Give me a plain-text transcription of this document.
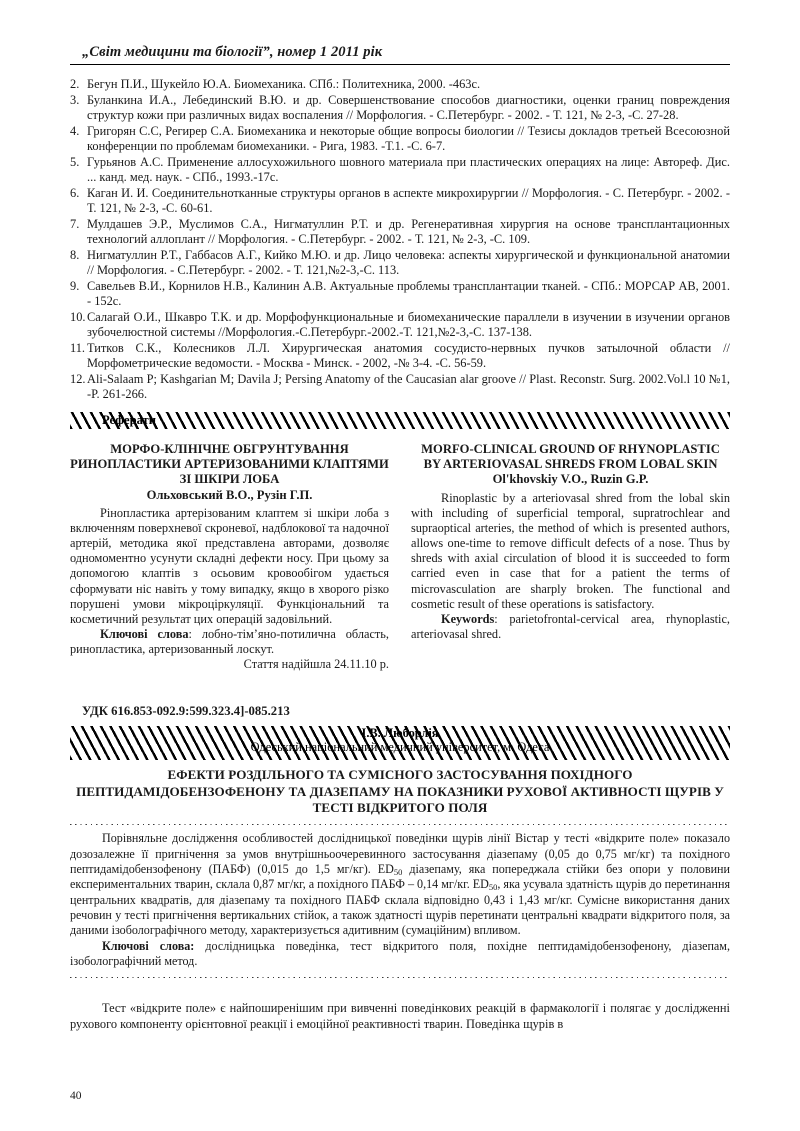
„Світ медицини та біології”, номер 1 2011 рік
2. Бегун П.И., Шукейло Ю.А. Биомеханика. СПб.: Политехника, 2000. -463с.
3. Буланкина И.А., Лебединский В.Ю. и др. Совершенствование способов диагностики, оценки границ повреждения структур кожи при различных видах воспаления // Морфология. - С.Петербург. - 2002. - Т. 121, № 2-3, -С. 27-28.
4. Григорян С.С, Регирер С.А. Биомеханика и некоторые общие вопросы биологии // Тезисы докладов третьей Всесоюзной конференции по проблемам биомеханики. - Рига, 1983. -Т.1. -С. 6-7.
5. Гурьянов А.С. Применение аллосухожильного шовного материала при пластических операциях на лице: Автореф. Дис. ... канд. мед. наук. - СПб., 1993.-17с.
6. Каган И. И. Соединительнотканные структуры органов в аспекте микрохирургии // Морфология. - С. Петербург. - 2002. - Т. 121, № 2-3, -С. 60-61.
7. Мулдашев Э.Р., Муслимов С.А., Нигматуллин Р.Т. и др. Регенеративная хирургия на основе трансплантационных технологий аллоплант // Морфология. - С.Петербург. - 2002. - Т. 121, № 2-3, -С. 109.
8. Нигматуллин Р.Т., Габбасов А.Г., Кийко М.Ю. и др. Лицо человека: аспекты хирургической и функциональной анатомии // Морфология. - С.Петербург. - 2002. - Т. 121,№2-3,-С. 113.
9. Савельев В.И., Корнилов Н.В., Калинин А.В. Актуальные проблемы трансплантации тканей. - СПб.: МОРСАР АВ, 2001. - 152с.
10. Салагай О.И., Шкавро Т.К. и др. Морфофункциональные и биомеханические параллели в изучении в изучении органов зубочелюстной системы //Морфология.-С.Петербург.-2002.-Т. 121,№2-3,-С. 137-138.
11. Титков С.К., Колесников Л.Л. Хирургическая анатомия сосудисто-нервных пучков затылочной области // Морфометрические ведомости. - Москва - Минск. - 2002, -№ 3-4. -С. 56-59.
12. Ali-Salaam P; Kashgarian M; Davila J; Persing Anatomy of the Caucasian alar groove // Plast. Reconstr. Surg. 2002.Vol.l 10 №1, -Р. 261-266.
Реферати

МОРФО-КЛІНІЧНЕ ОБГРУНТУВАННЯ РИНОПЛАСТИКИ АРТЕРИЗОВАНИМИ КЛАПТЯМИ ЗІ ШКІРИ ЛОБА

Ольховський В.О., Рузін Г.П.

Рінопластика артерізованим клаптем зі шкіри лоба з включенням поверхневої скроневої, надблокової та надочної артерій, методика якої представлена авторами, дозволяє одномоментно усунути складні дефекти носу. При цьому за допомогою клаптів з осьовим кровообігом удається сформувати ніс навіть у тому випадку, якщо в хворого різко порушені умови мікроціркуляції. Функціональний та косметичний результат цих операцій задовільний.

Ключові слова: лобно-тім’яно-потилична область, ринопластика, артеризованный лоскут.

Стаття надійшла 24.11.10 р.

MORFO-CLINICAL GROUND OF RHYNOPLASTIC BY ARTERIOVASAL SHREDS FROM LOBAL SKIN

Ol'khovskiy V.O., Ruzin G.P.

Rinoplastic by a arteriovasal shred from the lobal skin with including of superficial temporal, supratrochlear and supraoptical arteries, the method of which is presented authors, allows one-time to remove difficult defects of a nose. Thus by shreds with axial circulation of blood it is succeeded to form carried even in case that for a patient the terms of microvasculation are sharply broken. The functional and cosmetic result of these operations is satisfactory.

Keywords: parietofrontal-cervical area, rhynoplastic, arteriovasal shred.

УДК 616.853-092.9:599.323.4]-085.213
І.В. Люборлія
Одеський національний медичний університет, м. Одеса
ЕФЕКТИ РОЗДІЛЬНОГО ТА СУМІСНОГО ЗАСТОСУВАННЯ ПОХІДНОГО ПЕПТИДАМІДОБЕНЗОФЕНОНУ ТА ДІАЗЕПАМУ НА ПОКАЗНИКИ РУХОВОЇ АКТИВНОСТІ ЩУРІВ У ТЕСТІ ВІДКРИТОГО ПОЛЯ

Порівняльне дослідження особливостей дослідницької поведінки щурів лінії Вістар у тесті «відкрите поле» показало дозозалежне її пригнічення за умов внутрішньоочеревинного застосування діазепаму (0,05 до 0,75 мг/кг) та похідного пептидамідобензофенону (ПАБФ) (0,015 до 1,5 мг/кг). $ED_{50}$ діазепаму, яка попереджала стійки без опори у половини експериментальних тварин, склала 0,87 мг/кг, а похідного ПАБФ – 0,14 мг/кг. $ED_{50}$, яка усувала здатність щурів до перетинання центральних квадратів, для діазепаму та похідного ПАБФ склала відповідно 0,43 і 1,43 мг/кг. Сумісне використання даних речовин у тесті пригнічення вертикальних стійок, а також здатності щурів перетинати центральні квадрати відкритого поля, за даними ізобологрaфічного методу, характеризується адитивним (сумаційним) впливом.

Ключові слова: дослідницька поведінка, тест відкритого поля, похідне пептидамідобензофенону, діазепам, ізобологрaфічний метод.

Тест «відкрите поле» є найпоширенішим при вивченні поведінкових реакцій в фармакології і полягає у дослідженні рухового компоненту орієнтовної реакції і емоційної реактивності тварин. Поведінка щурів в

40
